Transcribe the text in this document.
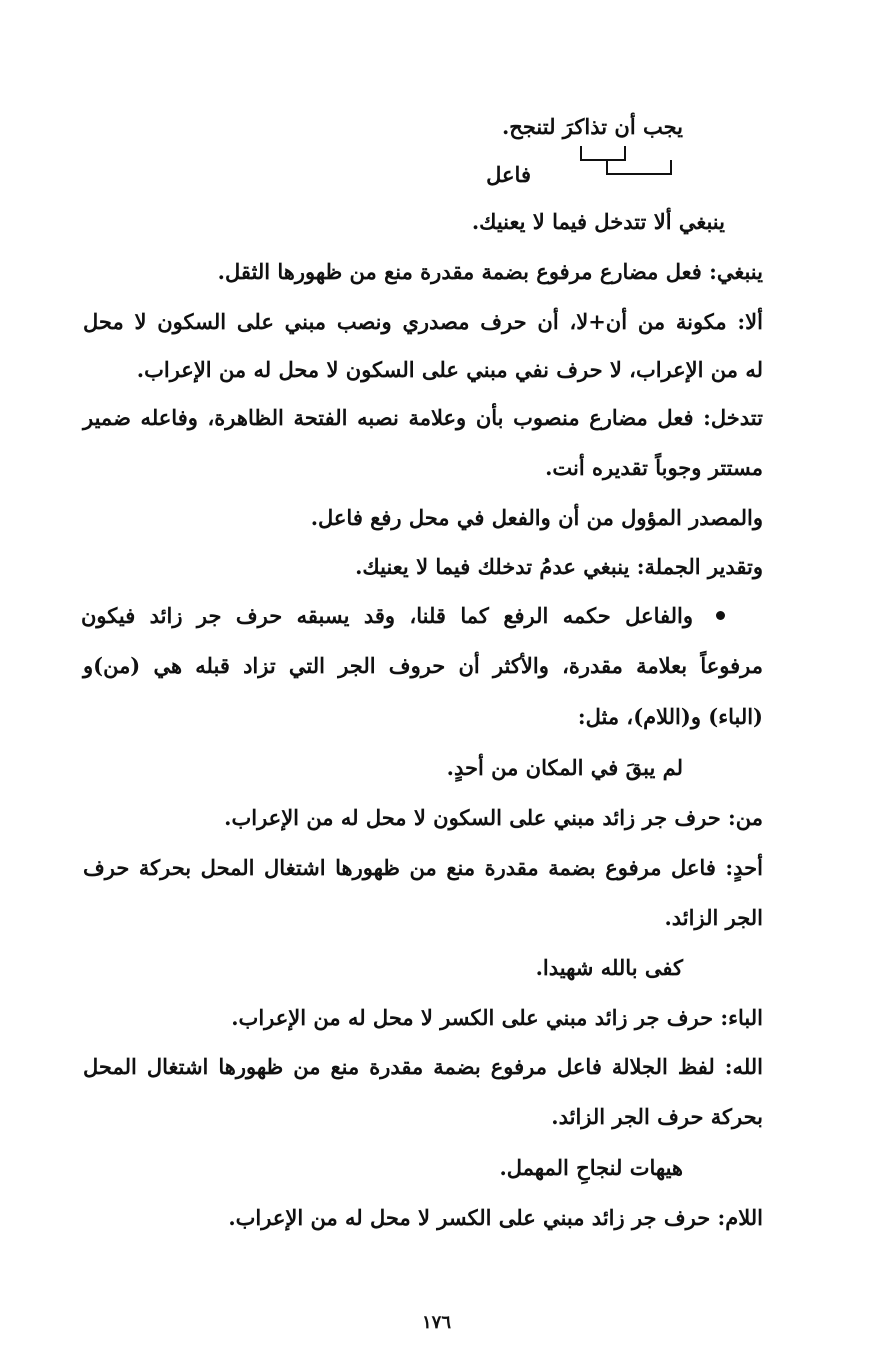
يجب أن تذاكرَ لتنجح.
فاعل
ينبغي ألا تتدخل فيما لا يعنيك.
ينبغي: فعل مضارع مرفوع بضمة مقدرة منع من ظهورها الثقل.
ألا: مكونة من أن+لا، أن حرف مصدري ونصب مبني على السكون لا محل
له من الإعراب، لا حرف نفي مبني على السكون لا محل له من الإعراب.
تتدخل: فعل مضارع منصوب بأن وعلامة نصبه الفتحة الظاهرة، وفاعله ضمير
مستتر وجوباً تقديره أنت.
والمصدر المؤول من أن والفعل في محل رفع فاعل.
وتقدير الجملة: ينبغي عدمُ تدخلك فيما لا يعنيك.
والفاعل حكمه الرفع كما قلنا، وقد يسبقه حرف جر زائد فيكون
مرفوعاً بعلامة مقدرة، والأكثر أن حروف الجر التي تزاد قبله هي (من)و
(الباء) و(اللام)، مثل:
لم يبقَ في المكان من أحدٍ.
من: حرف جر زائد مبني على السكون لا محل له من الإعراب.
أحدٍ: فاعل مرفوع بضمة مقدرة منع من ظهورها اشتغال المحل بحركة حرف
الجر الزائد.
كفى بالله شهيدا.
الباء: حرف جر زائد مبني على الكسر لا محل له من الإعراب.
الله: لفظ الجلالة فاعل مرفوع بضمة مقدرة منع من ظهورها اشتغال المحل
بحركة حرف الجر الزائد.
هيهات لنجاحِ المهمل.
اللام: حرف جر زائد مبني على الكسر لا محل له من الإعراب.
١٧٦
